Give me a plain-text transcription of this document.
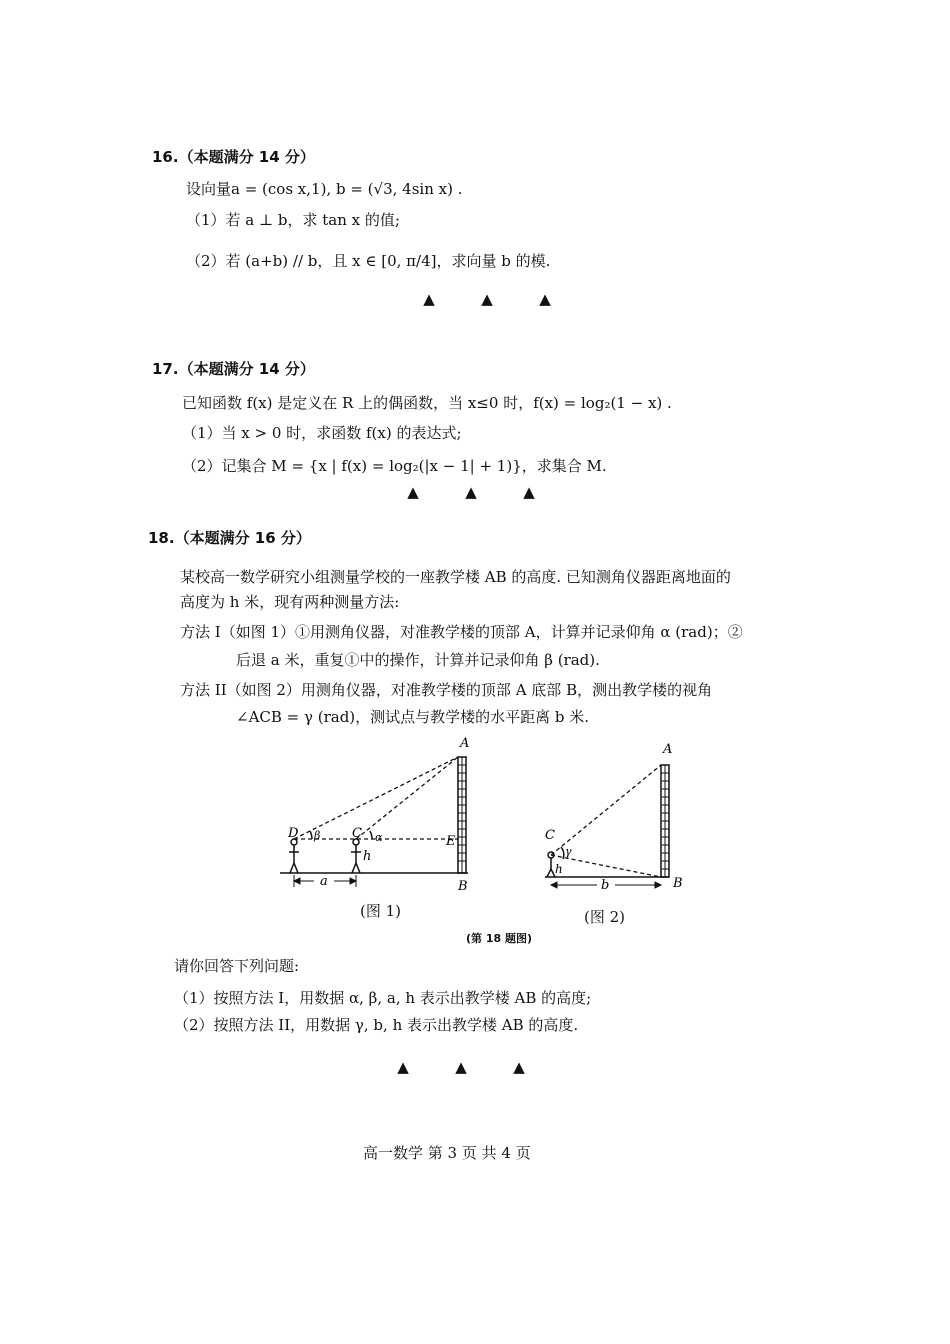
16.（本题满分 14 分）
设向量a = (cos x,1), b = (√3, 4sin x) .
（1）若 a ⊥ b，求 tan x 的值;
（2）若 (a+b) // b，且 x ∈ [0, π/4]，求向量 b 的模.
▲	▲	▲
17.（本题满分 14 分）
已知函数 f(x) 是定义在 R 上的偶函数，当 x≤0 时，f(x) = log₂(1 − x) .
（1）当 x > 0 时，求函数 f(x) 的表达式;
（2）记集合 M = {x | f(x) = log₂(|x − 1| + 1)}，求集合 M.
▲	▲	▲
18.（本题满分 16 分）
某校高一数学研究小组测量学校的一座教学楼 AB 的高度. 已知测角仪器距离地面的
高度为 h 米，现有两种测量方法:
方法 I（如图 1）①用测角仪器，对准教学楼的顶部 A，计算并记录仰角 α (rad)；②
后退 a 米，重复①中的操作，计算并记录仰角 β (rad).
方法 II（如图 2）用测角仪器，对准教学楼的顶部 A 底部 B，测出教学楼的视角
∠ACB = γ (rad)，测试点与教学楼的水平距离 b 米.
A
B
C
D
E
h
a
α
β
(图 1)
A
B
C
h
b
γ
(图 2)
(第 18 题图)
请你回答下列问题:
（1）按照方法 I，用数据 α, β, a, h 表示出教学楼 AB 的高度;
（2）按照方法 II，用数据 γ, b, h 表示出教学楼 AB 的高度.
▲	▲	▲
高一数学 第 3 页 共 4 页
